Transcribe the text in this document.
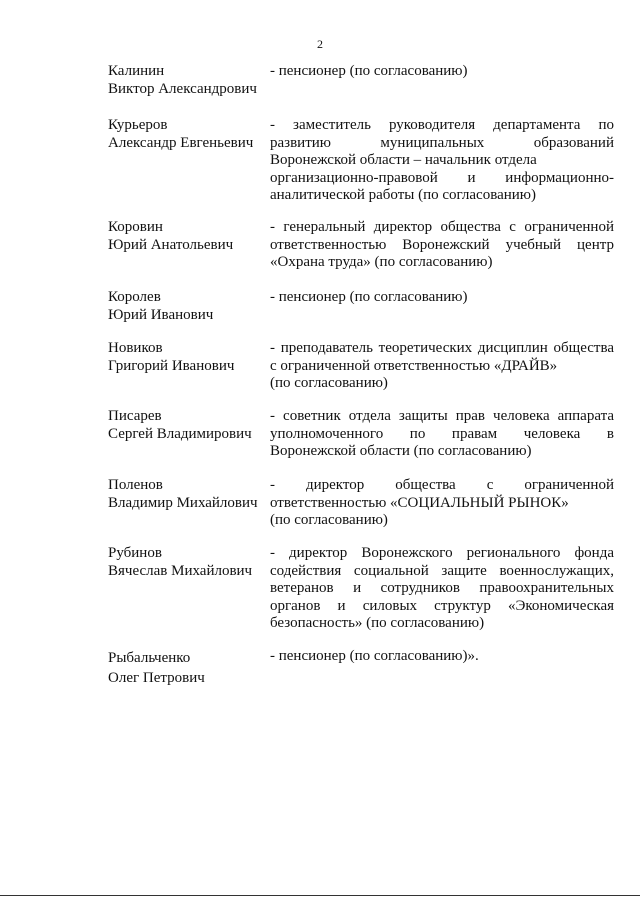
2
Калинин
Виктор Александрович
- пенсионер (по согласованию)
Курьеров
Александр Евгеньевич
- заместитель руководителя департамента по
развитию муниципальных образований
Воронежской области – начальник отдела
организационно-правовой и информационно-
аналитической работы (по согласованию)
Коровин
Юрий Анатольевич
- генеральный директор общества с ограниченной
ответственностью Воронежский учебный центр
«Охрана труда» (по согласованию)
Королев
Юрий Иванович
- пенсионер (по согласованию)
Новиков
Григорий Иванович
- преподаватель теоретических дисциплин общества
с ограниченной ответственностью «ДРАЙВ»
(по согласованию)
Писарев
Сергей Владимирович
- советник отдела защиты прав человека аппарата
уполномоченного по правам человека в
Воронежской области (по согласованию)
Поленов
Владимир Михайлович
- директор общества с ограниченной
ответственностью «СОЦИАЛЬНЫЙ РЫНОК»
(по согласованию)
Рубинов
Вячеслав Михайлович
- директор Воронежского регионального фонда
содействия социальной защите военнослужащих,
ветеранов и сотрудников правоохранительных
органов и силовых структур «Экономическая
безопасность» (по согласованию)
Рыбальченко
Олег Петрович
- пенсионер (по согласованию)».
